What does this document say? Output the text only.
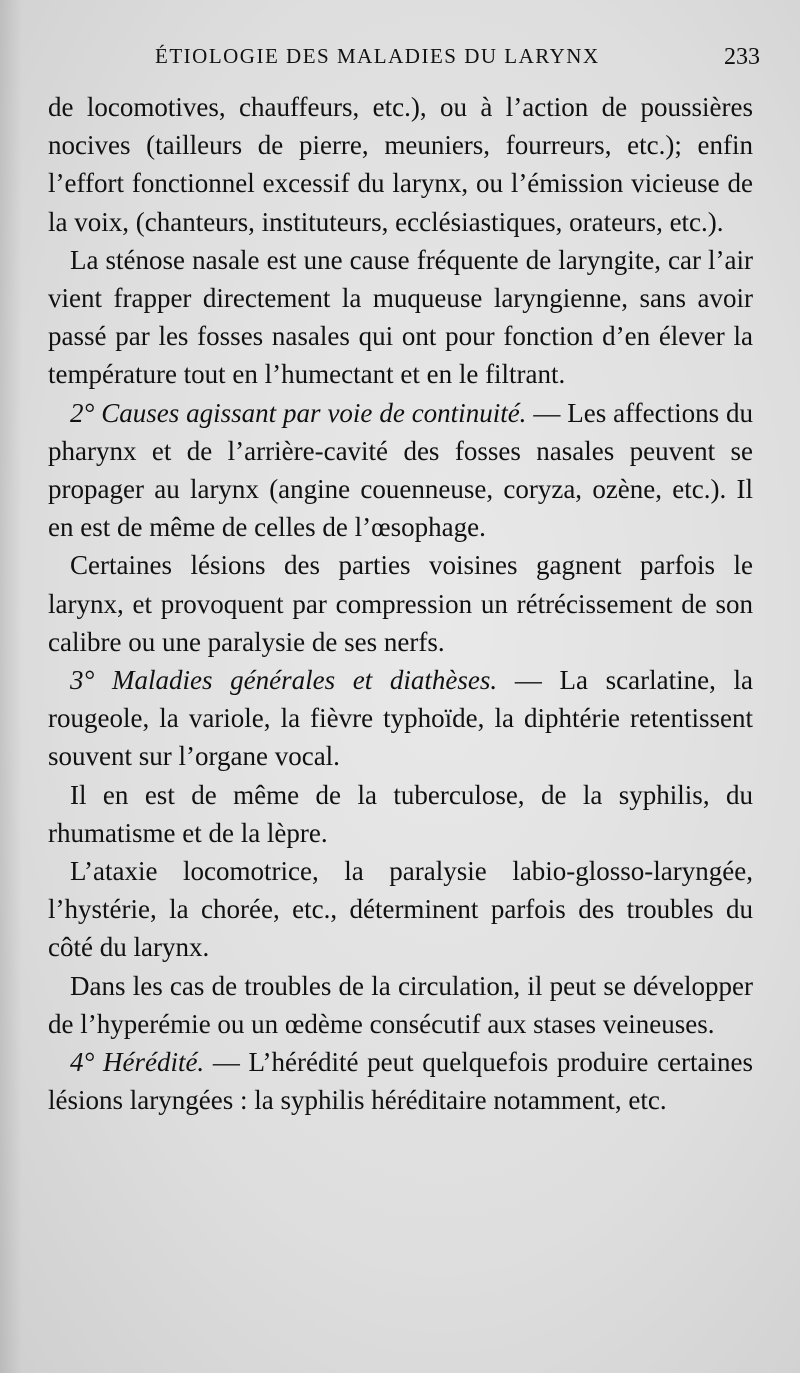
ÉTIOLOGIE DES MALADIES DU LARYNX	233

de locomotives, chauffeurs, etc.), ou à l’action de poussières nocives (tailleurs de pierre, meuniers, fourreurs, etc.); enfin l’effort fonctionnel excessif du larynx, ou l’émission vicieuse de la voix, (chanteurs, instituteurs, ecclésiastiques, orateurs, etc.).

La sténose nasale est une cause fréquente de laryngite, car l’air vient frapper directement la muqueuse laryngienne, sans avoir passé par les fosses nasales qui ont pour fonction d’en élever la température tout en l’humectant et en le filtrant.

2° Causes agissant par voie de continuité. — Les affections du pharynx et de l’arrière-cavité des fosses nasales peuvent se propager au larynx (angine couenneuse, coryza, ozène, etc.). Il en est de même de celles de l’œsophage.

Certaines lésions des parties voisines gagnent parfois le larynx, et provoquent par compression un rétrécissement de son calibre ou une paralysie de ses nerfs.

3° Maladies générales et diathèses. — La scarlatine, la rougeole, la variole, la fièvre typhoïde, la diphtérie retentissent souvent sur l’organe vocal.

Il en est de même de la tuberculose, de la syphilis, du rhumatisme et de la lèpre.

L’ataxie locomotrice, la paralysie labio-glosso-laryngée, l’hystérie, la chorée, etc., déterminent parfois des troubles du côté du larynx.

Dans les cas de troubles de la circulation, il peut se développer de l’hyperémie ou un œdème consécutif aux stases veineuses.

4° Hérédité. — L’hérédité peut quelquefois produire certaines lésions laryngées : la syphilis héréditaire notamment, etc.
